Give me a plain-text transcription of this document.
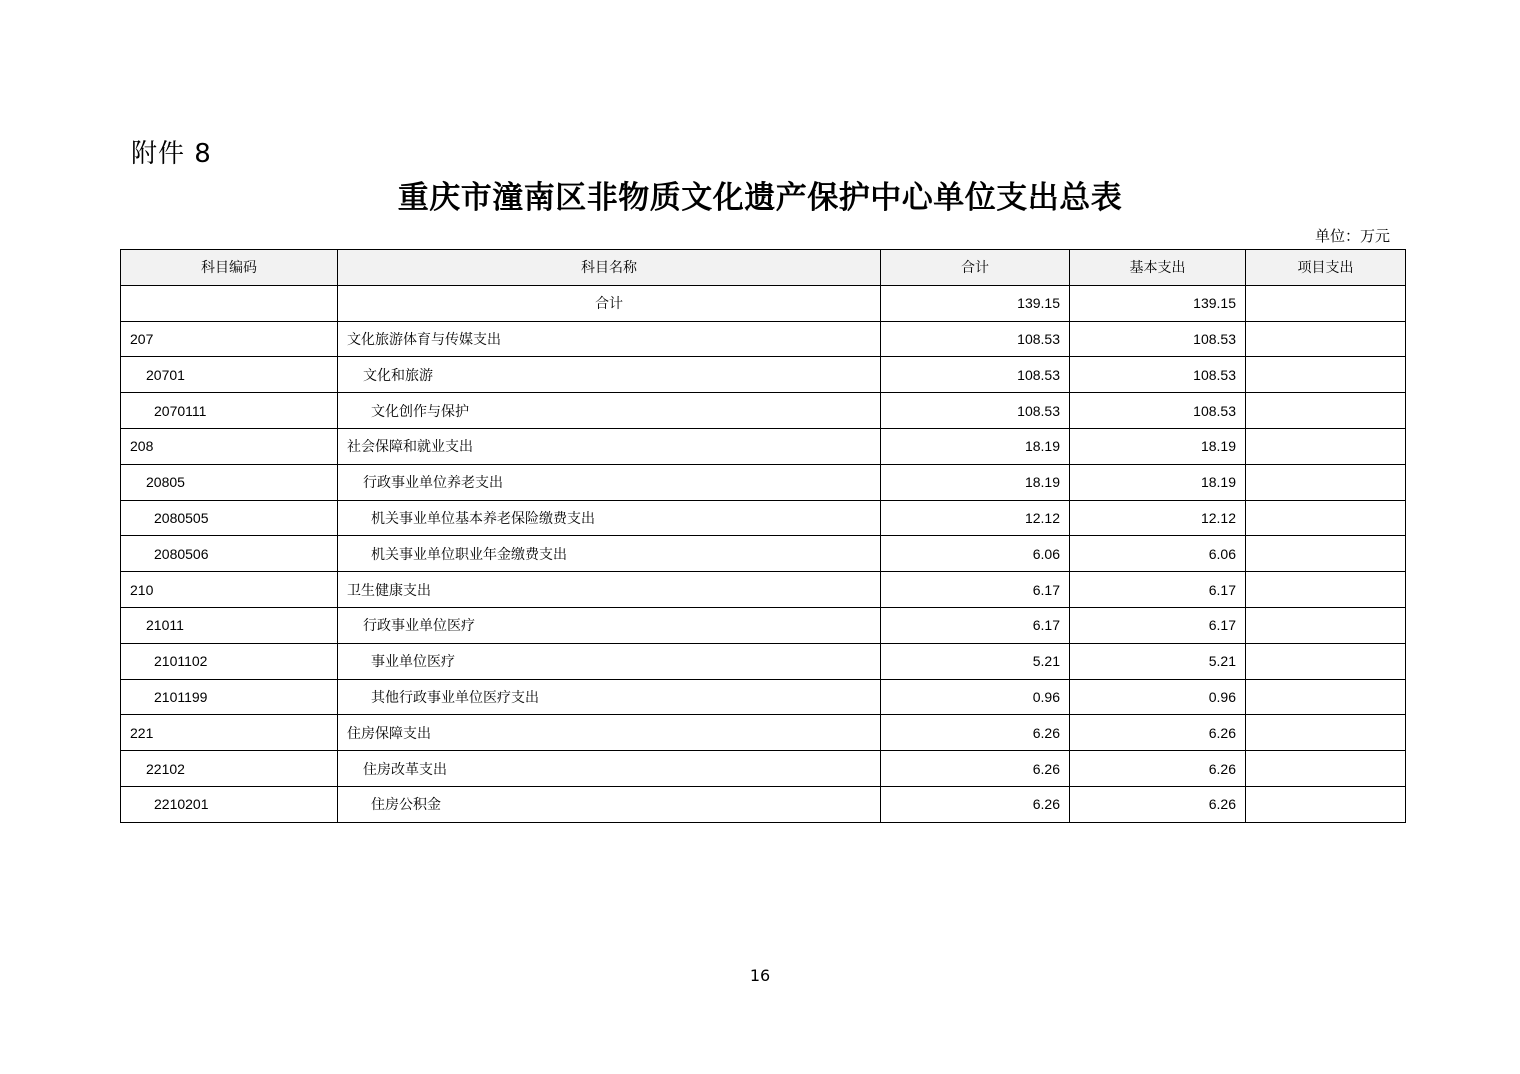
附件 8
重庆市潼南区非物质文化遗产保护中心单位支出总表
单位：万元
科目编码	科目名称	合计	基本支出	项目支出
	合计	139.15	139.15	
207	文化旅游体育与传媒支出	108.53	108.53	
20701	文化和旅游	108.53	108.53	
2070111	文化创作与保护	108.53	108.53	
208	社会保障和就业支出	18.19	18.19	
20805	行政事业单位养老支出	18.19	18.19	
2080505	机关事业单位基本养老保险缴费支出	12.12	12.12	
2080506	机关事业单位职业年金缴费支出	6.06	6.06	
210	卫生健康支出	6.17	6.17	
21011	行政事业单位医疗	6.17	6.17	
2101102	事业单位医疗	5.21	5.21	
2101199	其他行政事业单位医疗支出	0.96	0.96	
221	住房保障支出	6.26	6.26	
22102	住房改革支出	6.26	6.26	
2210201	住房公积金	6.26	6.26	
16
